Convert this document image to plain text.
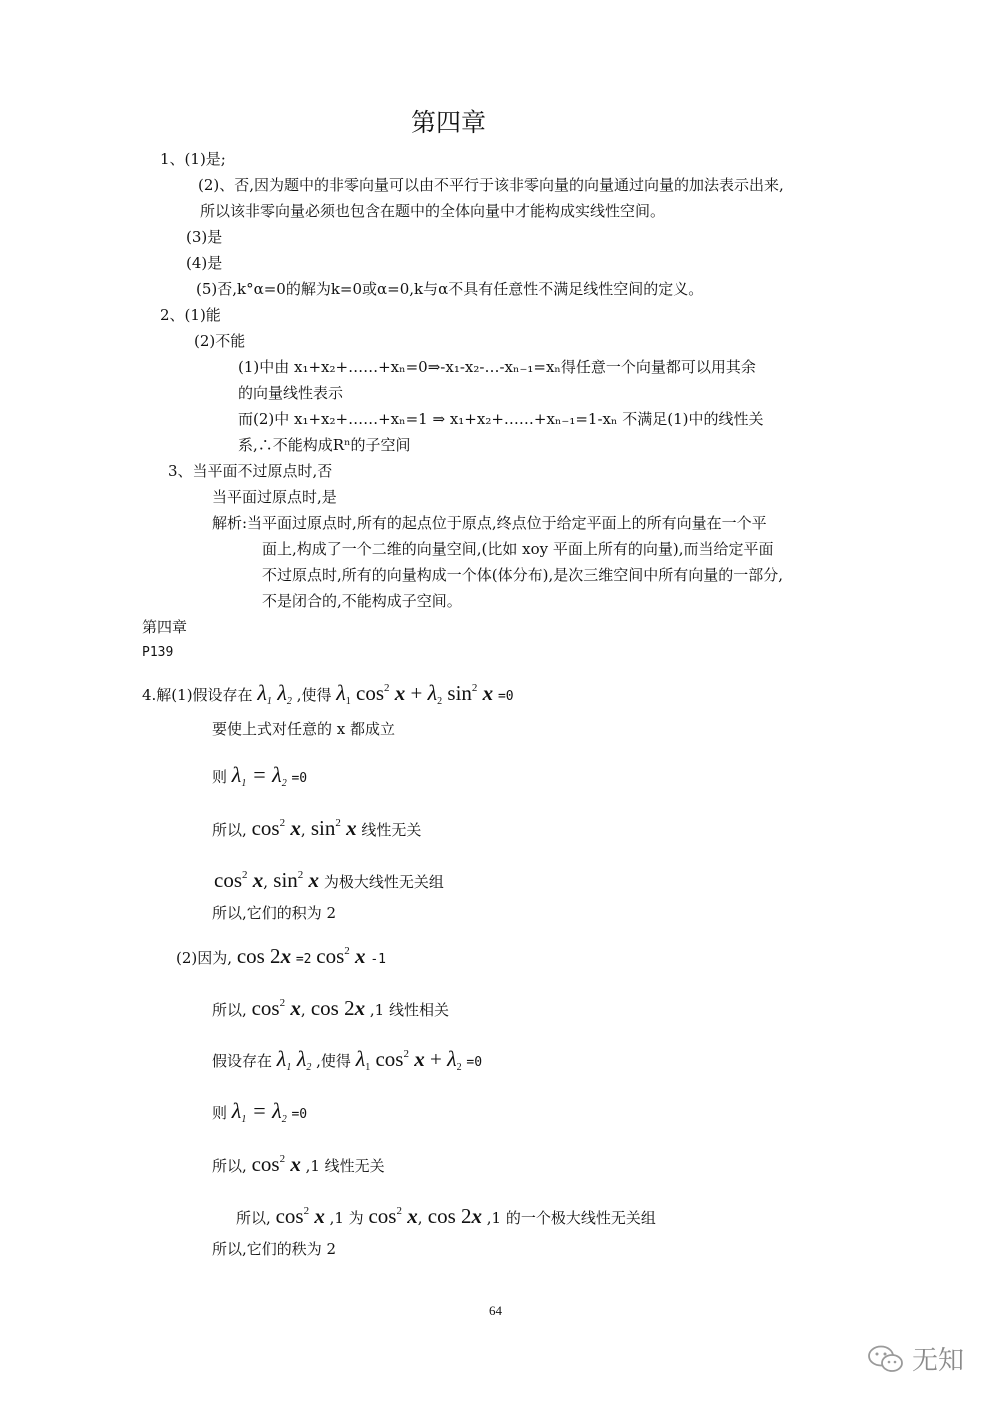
第四章
1、(1)是;
(2)、否,因为题中的非零向量可以由不平行于该非零向量的向量通过向量的加法表示出来,
所以该非零向量必须也包含在题中的全体向量中才能构成实线性空间。
(3)是
(4)是
(5)否,k°α=0的解为k=0或α=0,k与α不具有任意性不满足线性空间的定义。
2、(1)能
(2)不能
(1)中由 x₁+x₂+……+xₙ=0⇒-x₁-x₂-…-xₙ₋₁=xₙ得任意一个向量都可以用其余
的向量线性表示
而(2)中 x₁+x₂+……+xₙ=1 ⇒ x₁+x₂+……+xₙ₋₁=1-xₙ 不满足(1)中的线性关
系,∴不能构成Rⁿ的子空间
3、当平面不过原点时,否
当平面过原点时,是
解析:当平面过原点时,所有的起点位于原点,终点位于给定平面上的所有向量在一个平
面上,构成了一个二维的向量空间,(比如 xoy 平面上所有的向量),而当给定平面
不过原点时,所有的向量构成一个体(体分布),是次三维空间中所有向量的一部分,
不是闭合的,不能构成子空间。
第四章
P139
4.解(1)假设存在 $\lambda_1$ $\lambda_2$ ,使得 $\lambda_1$ $\cos^2 x + \lambda_2$ $\sin^2 x =0$
要使上式对任意的 x 都成立
则 $\lambda_1 = \lambda_2 =0$
所以, $\cos^2 x$, $\sin^2 x$ 线性无关
$\cos^2 x$, $\sin^2 x$ 为极大线性无关组
所以,它们的积为 2
(2)因为, cos 2x =2 $\cos^2 x$ -1
所以, $\cos^2 x$, cos 2x ,1 线性相关
假设存在 $\lambda_1$ $\lambda_2$ ,使得 $\lambda_1$ $\cos^2 x + \lambda_2 =0$
则 $\lambda_1 = \lambda_2 =0$
所以, $\cos^2 x$ ,1 线性无关
所以, $\cos^2 x$ ,1 为 $\cos^2 x$, cos 2x ,1 的一个极大线性无关组
所以,它们的秩为 2
64
无知
